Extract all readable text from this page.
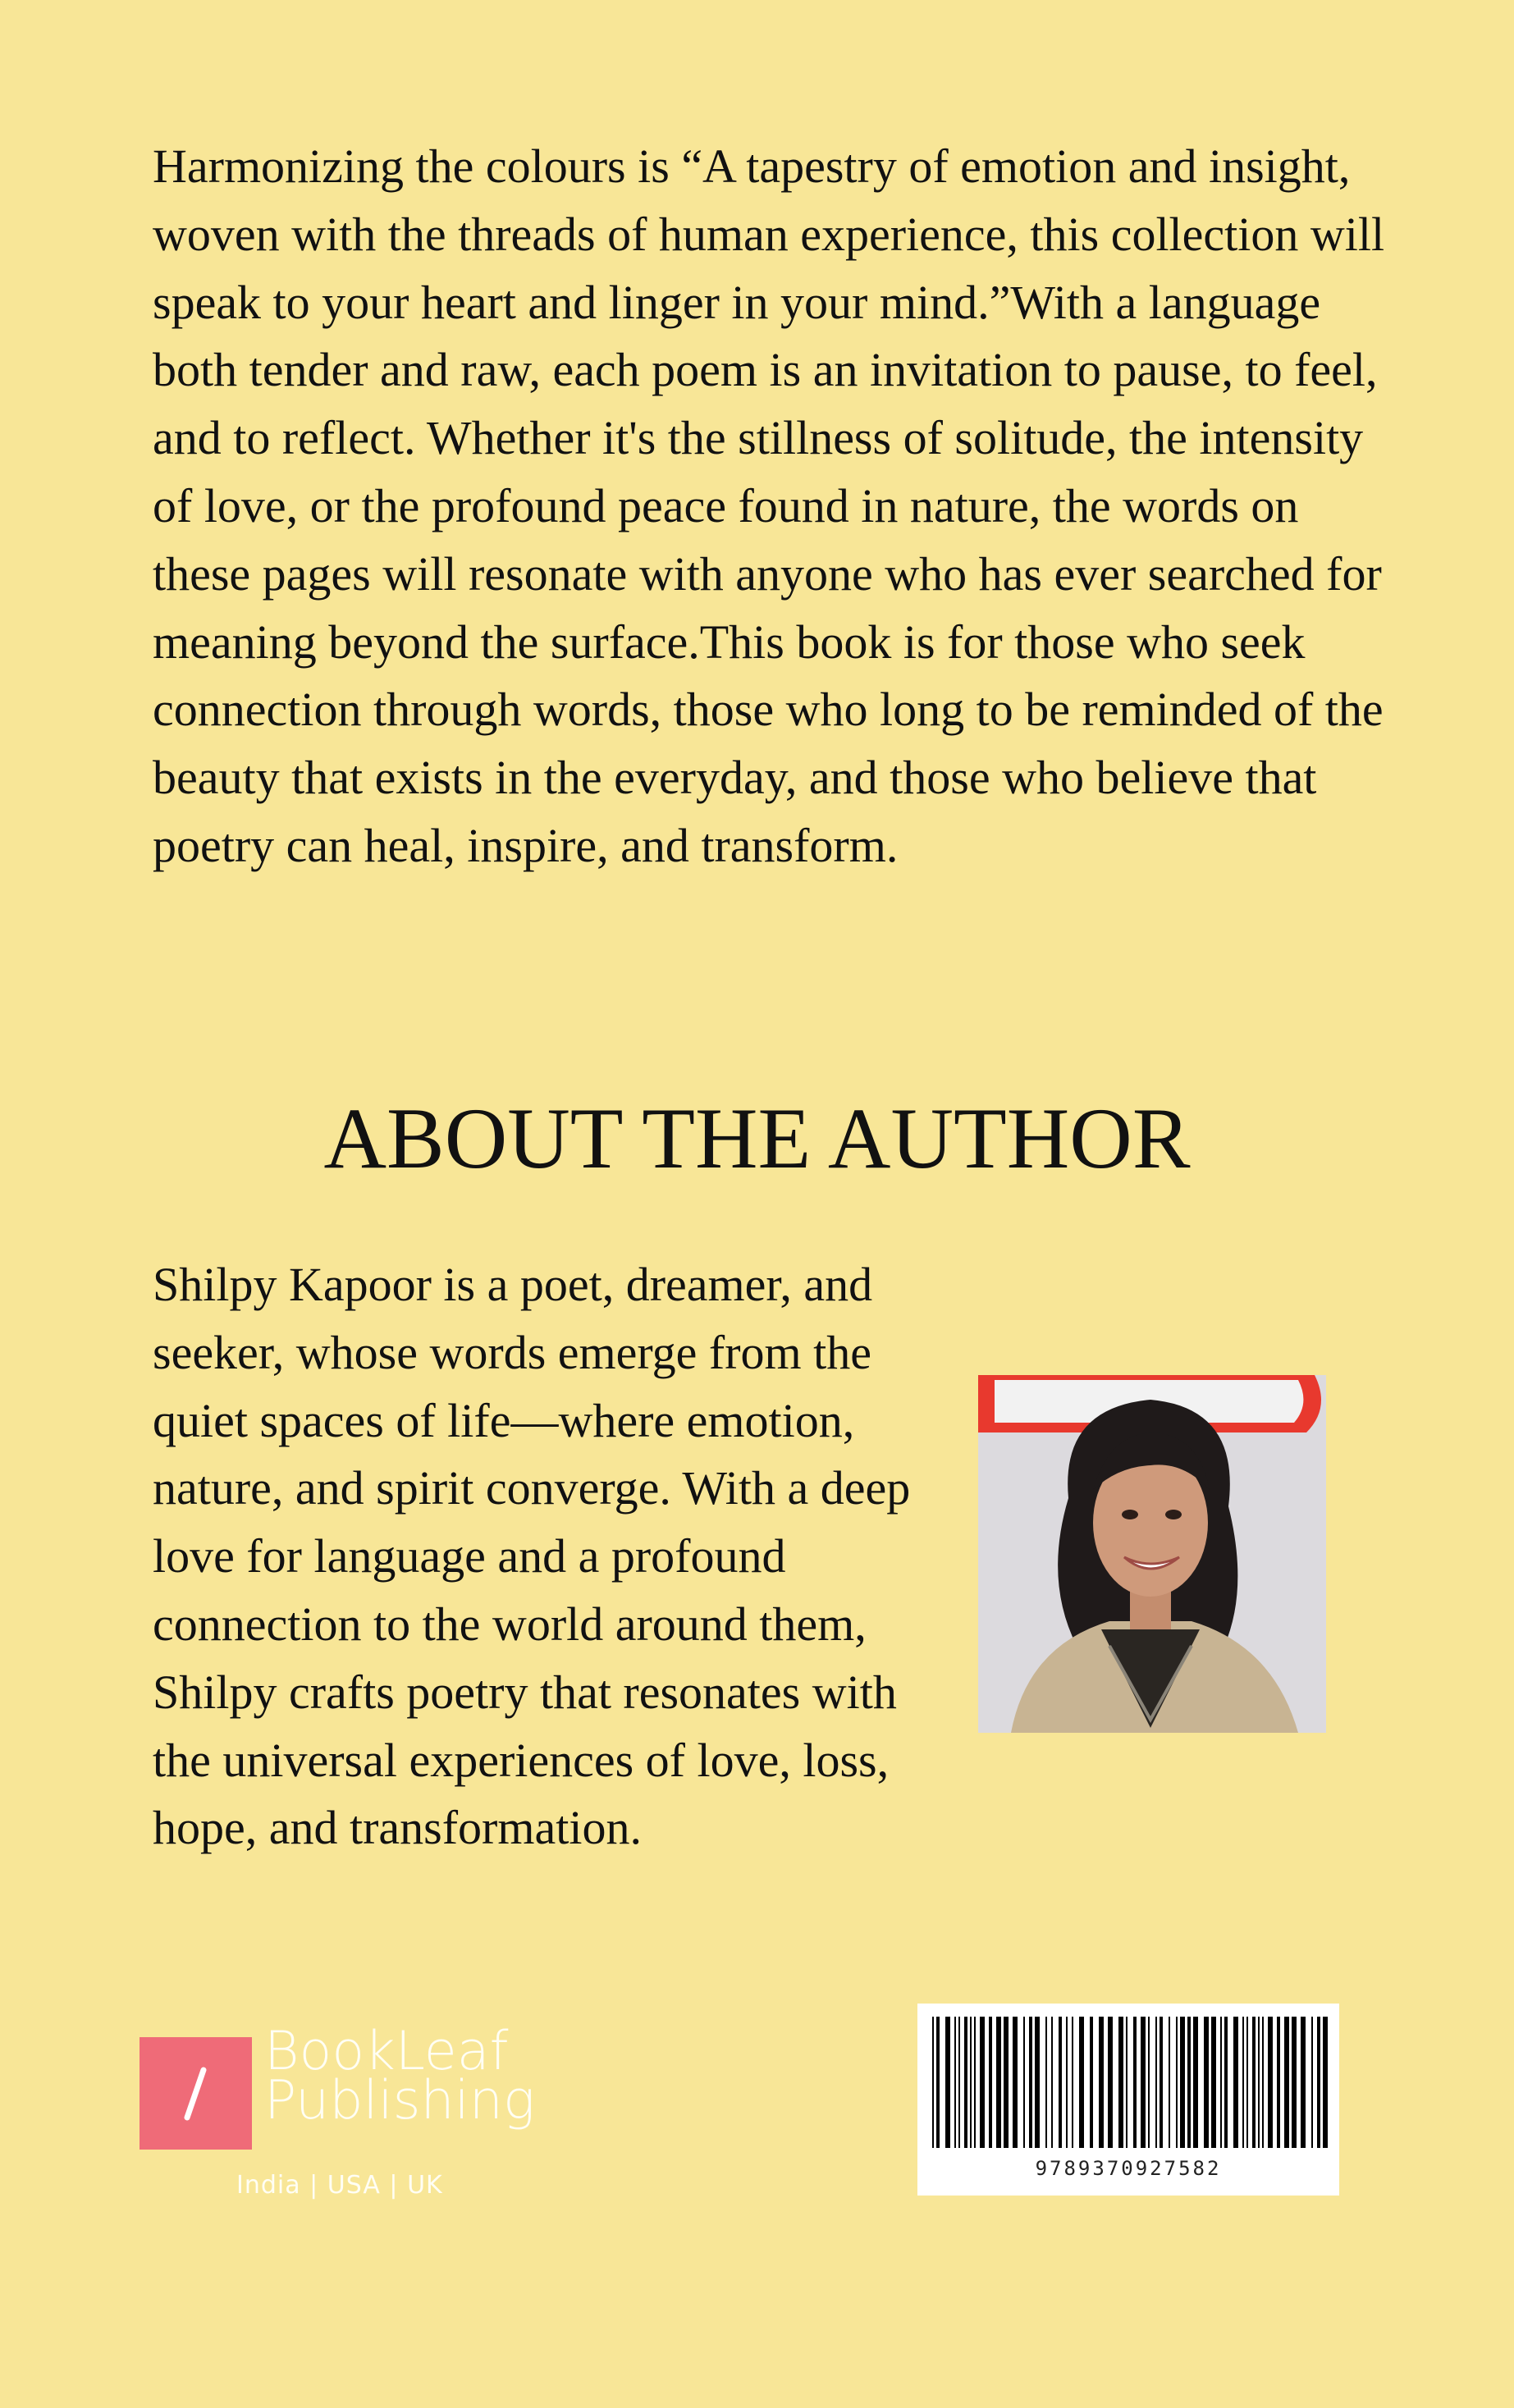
Harmonizing the colours is “A tapestry of emotion and insight, woven with the threads of human experience, this collection will speak to your heart and linger in your mind.”With a language both tender and raw, each poem is an invitation to pause, to feel, and to reflect. Whether it's the stillness of solitude, the intensity of love, or the profound peace found in nature, the words on these pages will resonate with anyone who has ever searched for meaning beyond the surface.This book is for those who seek connection through words, those who long to be reminded of the beauty that exists in the everyday, and those who believe that poetry can heal, inspire, and transform.

ABOUT THE AUTHOR

Shilpy Kapoor is a poet, dreamer, and seeker, whose words emerge from the quiet spaces of life—where emotion, nature, and spirit converge. With a deep love for language and a profound connection to the world around them, Shilpy crafts poetry that resonates with the universal experiences of love, loss, hope, and transformation.

BookLeaf
Publishing

India | USA | UK

9789370927582
